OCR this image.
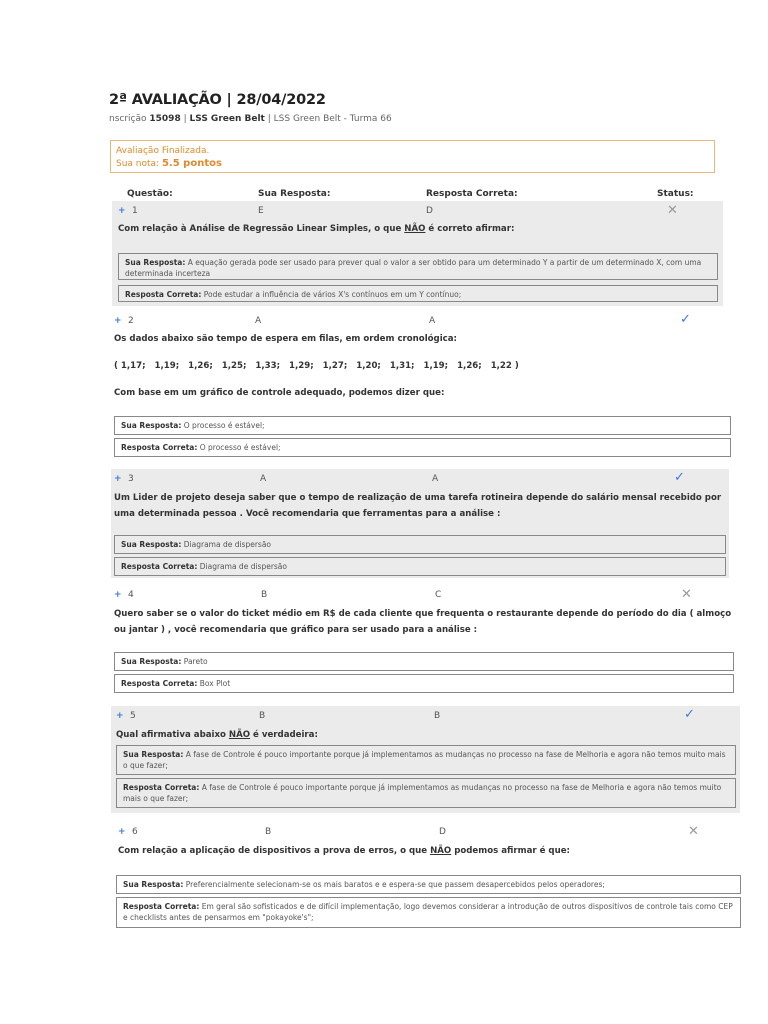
2ª AVALIAÇÃO | 28/04/2022
nscrição 15098 | LSS Green Belt | LSS Green Belt - Turma 66
Avaliação Finalizada.
Sua nota: 5.5 pontos
Questão:	Sua Resposta:	Resposta Correta:	Status:
+ 1	E	D	✕
Com relação à Análise de Regressão Linear Simples, o que NÃO é correto afirmar:
Sua Resposta: A equação gerada pode ser usado para prever qual o valor a ser obtido para um determinado Y a partir de um determinado X, com uma determinada incerteza
Resposta Correta: Pode estudar a influência de vários X's contínuos em um Y contínuo;
+ 2	A	A	✓
Os dados abaixo são tempo de espera em filas, em ordem cronológica:
( 1,17;   1,19;   1,26;   1,25;   1,33;   1,29;   1,27;   1,20;   1,31;   1,19;   1,26;   1,22 )
Com base em um gráfico de controle adequado, podemos dizer que:
Sua Resposta: O processo é estável;
Resposta Correta: O processo é estável;
+ 3	A	A	✓
Um Lider de projeto deseja saber que o tempo de realização de uma tarefa rotineira depende do salário mensal recebido por uma determinada pessoa . Você recomendaria que ferramentas para a análise :
Sua Resposta: Diagrama de dispersão
Resposta Correta: Diagrama de dispersão
+ 4	B	C	✕
Quero saber se o valor do ticket médio em R$ de cada cliente que frequenta o restaurante depende do período do dia ( almoço ou jantar ) , você recomendaria que gráfico para ser usado para a análise :
Sua Resposta: Pareto
Resposta Correta: Box Plot
+ 5	B	B	✓
Qual afirmativa abaixo NÃO é verdadeira:
Sua Resposta: A fase de Controle é pouco importante porque já implementamos as mudanças no processo na fase de Melhoria e agora não temos muito mais o que fazer;
Resposta Correta: A fase de Controle é pouco importante porque já implementamos as mudanças no processo na fase de Melhoria e agora não temos muito mais o que fazer;
+ 6	B	D	✕
Com relação a aplicação de dispositivos a prova de erros, o que NÃO podemos afirmar é que:
Sua Resposta: Preferencialmente selecionam-se os mais baratos e e espera-se que passem desapercebidos pelos operadores;
Resposta Correta: Em geral são sofisticados e de difícil implementação, logo devemos considerar a introdução de outros dispositivos de controle tais como CEP e checklists antes de pensarmos em "pokayoke's";
